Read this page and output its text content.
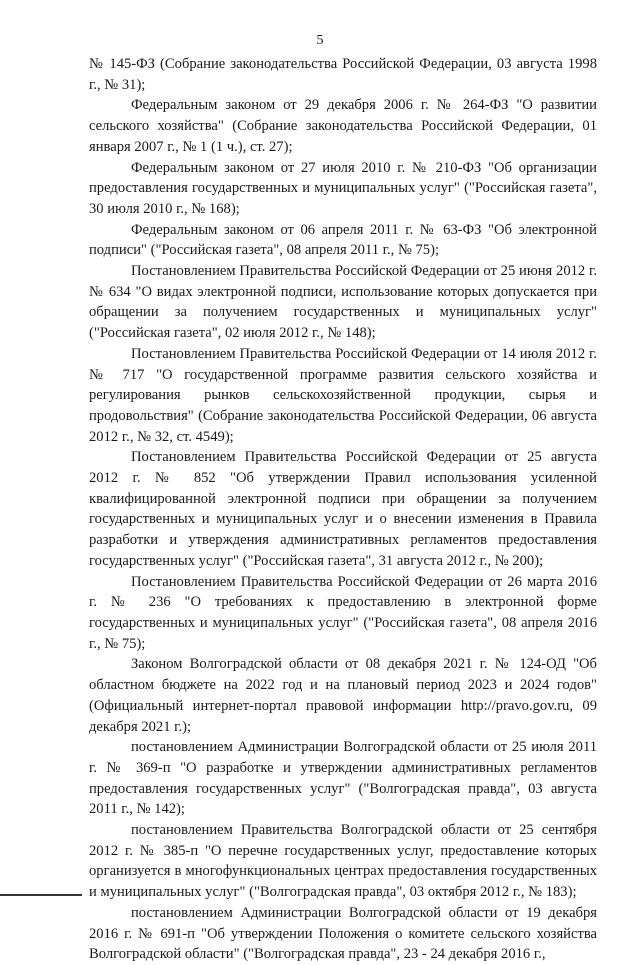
5

№ 145-ФЗ (Собрание законодательства Российской Федерации, 03 августа 1998 г., № 31);

Федеральным законом от 29 декабря 2006 г. № 264-ФЗ "О развитии сельского хозяйства" (Собрание законодательства Российской Федерации, 01 января 2007 г., № 1 (1 ч.), ст. 27);

Федеральным законом от 27 июля 2010 г. № 210-ФЗ "Об организации предоставления государственных и муниципальных услуг" ("Российская газета", 30 июля 2010 г., № 168);

Федеральным законом от 06 апреля 2011 г. № 63-ФЗ "Об электронной подписи" ("Российская газета", 08 апреля 2011 г., № 75);

Постановлением Правительства Российской Федерации от 25 июня 2012 г. № 634 "О видах электронной подписи, использование которых допускается при обращении за получением государственных и муниципальных услуг" ("Российская газета", 02 июля 2012 г., № 148);

Постановлением Правительства Российской Федерации от 14 июля 2012 г. № 717 "О государственной программе развития сельского хозяйства и регулирования рынков сельскохозяйственной продукции, сырья и продовольствия" (Собрание законодательства Российской Федерации, 06 августа 2012 г., № 32, ст. 4549);

Постановлением Правительства Российской Федерации от 25 августа 2012 г. № 852 "Об утверждении Правил использования усиленной квалифицированной электронной подписи при обращении за получением государственных и муниципальных услуг и о внесении изменения в Правила разработки и утверждения административных регламентов предоставления государственных услуг" ("Российская газета", 31 августа 2012 г., № 200);

Постановлением Правительства Российской Федерации от 26 марта 2016 г. № 236 "О требованиях к предоставлению в электронной форме государственных и муниципальных услуг" ("Российская газета", 08 апреля 2016 г., № 75);

Законом Волгоградской области от 08 декабря 2021 г. № 124-ОД "Об областном бюджете на 2022 год и на плановый период 2023 и 2024 годов" (Официальный интернет-портал правовой информации http://pravo.gov.ru, 09 декабря 2021 г.);

постановлением Администрации Волгоградской области от 25 июля 2011 г. № 369-п "О разработке и утверждении административных регламентов предоставления государственных услуг" ("Волгоградская правда", 03 августа 2011 г., № 142);

постановлением Правительства Волгоградской области от 25 сентября 2012 г. № 385-п "О перечне государственных услуг, предоставление которых организуется в многофункциональных центрах предоставления государственных и муниципальных услуг" ("Волгоградская правда", 03 октября 2012 г., № 183);

постановлением Администрации Волгоградской области от 19 декабря 2016 г. № 691-п "Об утверждении Положения о комитете сельского хозяйства Волгоградской области" ("Волгоградская правда", 23 - 24 декабря 2016 г.,
